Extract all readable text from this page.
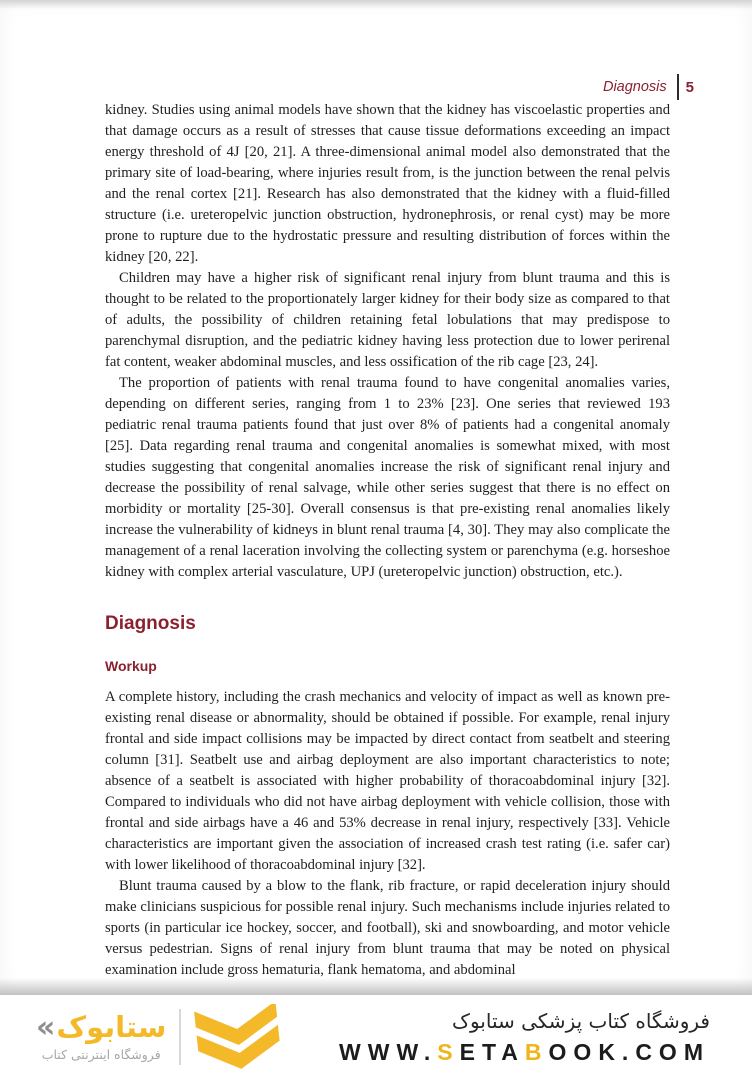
Diagnosis 5

kidney. Studies using animal models have shown that the kidney has viscoelastic properties and that damage occurs as a result of stresses that cause tissue deformations exceeding an impact energy threshold of 4J [20, 21]. A three-dimensional animal model also demonstrated that the primary site of load-bearing, where injuries result from, is the junction between the renal pelvis and the renal cortex [21]. Research has also demonstrated that the kidney with a fluid-filled structure (i.e. ureteropelvic junction obstruction, hydronephrosis, or renal cyst) may be more prone to rupture due to the hydrostatic pressure and resulting distribution of forces within the kidney [20, 22].

Children may have a higher risk of significant renal injury from blunt trauma and this is thought to be related to the proportionately larger kidney for their body size as compared to that of adults, the possibility of children retaining fetal lobulations that may predispose to parenchymal disruption, and the pediatric kidney having less protection due to lower perirenal fat content, weaker abdominal muscles, and less ossification of the rib cage [23, 24].

The proportion of patients with renal trauma found to have congenital anomalies varies, depending on different series, ranging from 1 to 23% [23]. One series that reviewed 193 pediatric renal trauma patients found that just over 8% of patients had a congenital anomaly [25]. Data regarding renal trauma and congenital anomalies is somewhat mixed, with most studies suggesting that congenital anomalies increase the risk of significant renal injury and decrease the possibility of renal salvage, while other series suggest that there is no effect on morbidity or mortality [25-30]. Overall consensus is that pre-existing renal anomalies likely increase the vulnerability of kidneys in blunt renal trauma [4, 30]. They may also complicate the management of a renal laceration involving the collecting system or parenchyma (e.g. horseshoe kidney with complex arterial vasculature, UPJ (ureteropelvic junction) obstruction, etc.).

Diagnosis
Workup

A complete history, including the crash mechanics and velocity of impact as well as known pre-existing renal disease or abnormality, should be obtained if possible. For example, renal injury frontal and side impact collisions may be impacted by direct contact from seatbelt and steering column [31]. Seatbelt use and airbag deployment are also important characteristics to note; absence of a seatbelt is associated with higher probability of thoracoabdominal injury [32]. Compared to individuals who did not have airbag deployment with vehicle collision, those with frontal and side airbags have a 46 and 53% decrease in renal injury, respectively [33]. Vehicle characteristics are important given the association of increased crash test rating (i.e. safer car) with lower likelihood of thoracoabdominal injury [32].

Blunt trauma caused by a blow to the flank, rib fracture, or rapid deceleration injury should make clinicians suspicious for possible renal injury. Such mechanisms include injuries related to sports (in particular ice hockey, soccer, and football), ski and snowboarding, and motor vehicle versus pedestrian. Signs of renal injury from blunt trauma that may be noted on physical examination include gross hematuria, flank hematoma, and abdominal

« ستابوک
فروشگاه اینترنتی کتاب
فروشگاه کتاب پزشکی ستابوک
WWW.SETABOOK.COM
